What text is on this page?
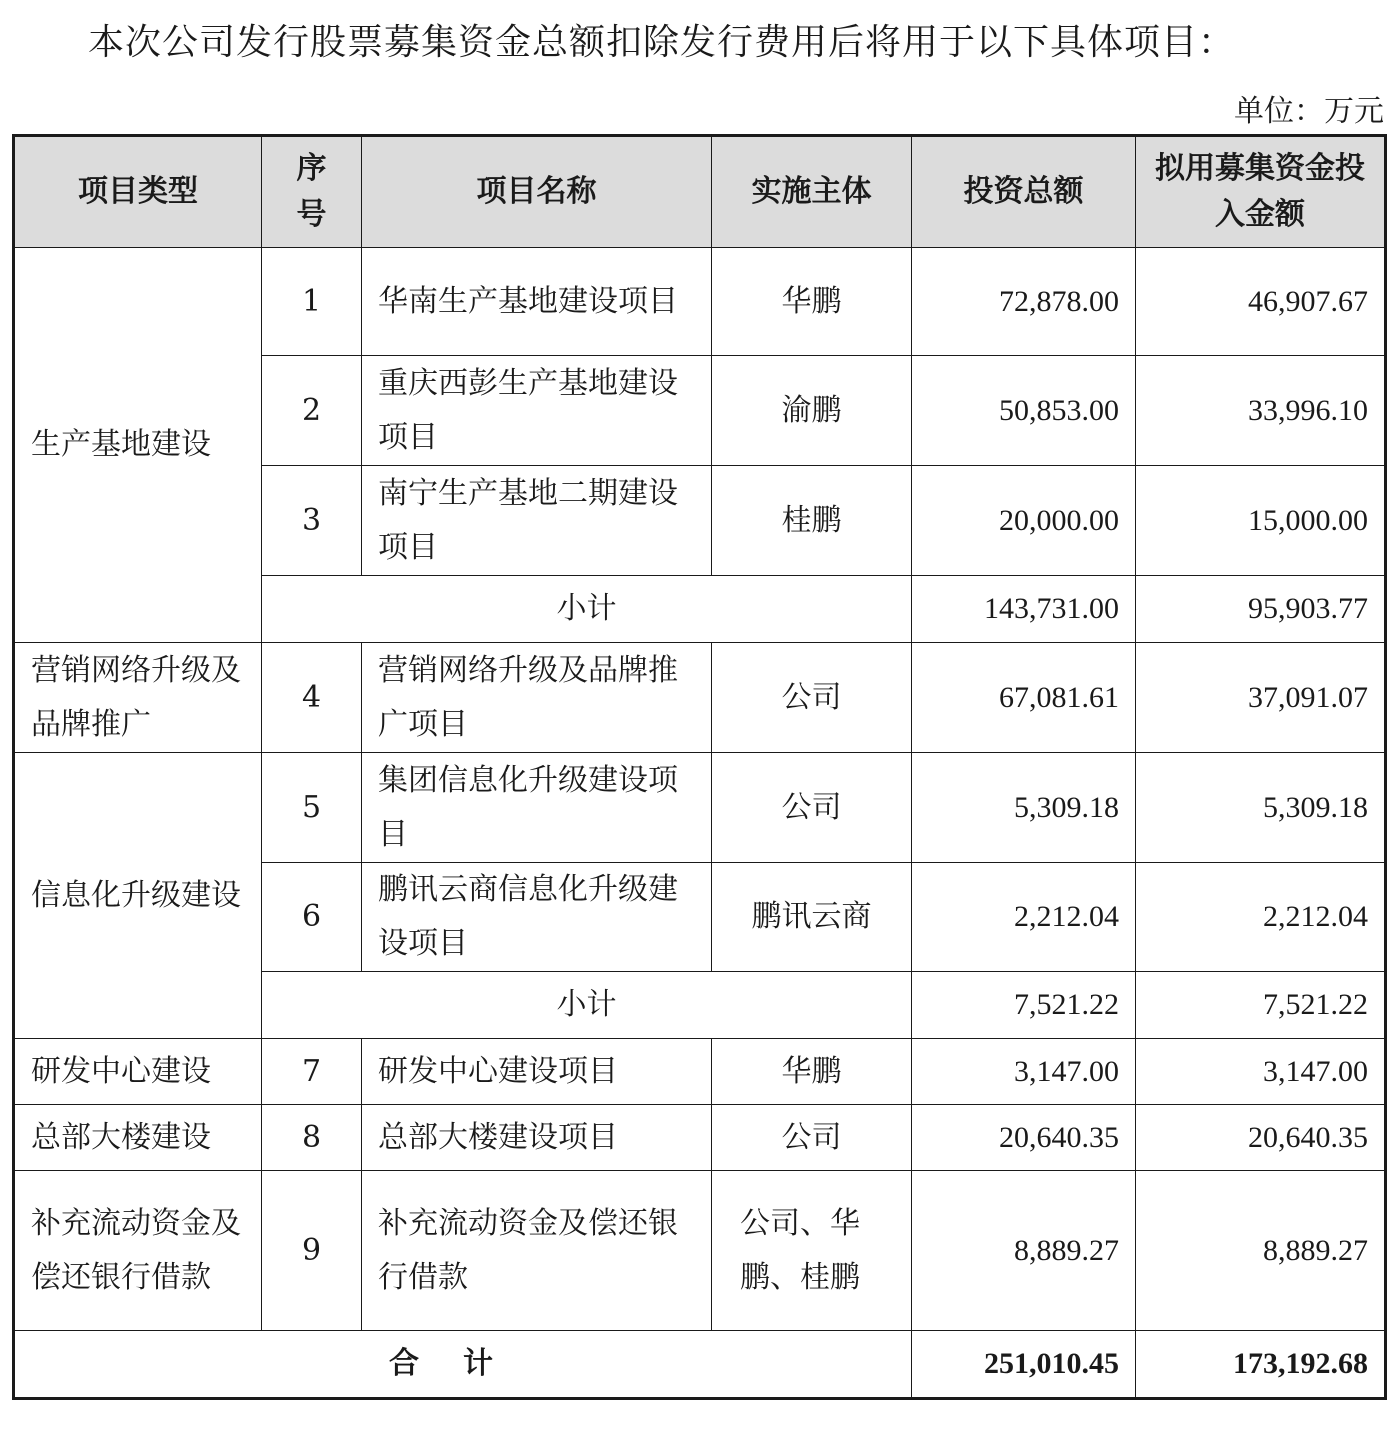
本次公司发行股票募集资金总额扣除发行费用后将用于以下具体项目：
单位：万元
项目类型	序号	项目名称	实施主体	投资总额	拟用募集资金投入金额
生产基地建设	1	华南生产基地建设项目	华鹏	72,878.00	46,907.67
	2	重庆西彭生产基地建设项目	渝鹏	50,853.00	33,996.10
	3	南宁生产基地二期建设项目	桂鹏	20,000.00	15,000.00
	小计			143,731.00	95,903.77
营销网络升级及品牌推广	4	营销网络升级及品牌推广项目	公司	67,081.61	37,091.07
信息化升级建设	5	集团信息化升级建设项目	公司	5,309.18	5,309.18
	6	鹏讯云商信息化升级建设项目	鹏讯云商	2,212.04	2,212.04
	小计			7,521.22	7,521.22
研发中心建设	7	研发中心建设项目	华鹏	3,147.00	3,147.00
总部大楼建设	8	总部大楼建设项目	公司	20,640.35	20,640.35
补充流动资金及偿还银行借款	9	补充流动资金及偿还银行借款	公司、华鹏、桂鹏	8,889.27	8,889.27
合计				251,010.45	173,192.68
